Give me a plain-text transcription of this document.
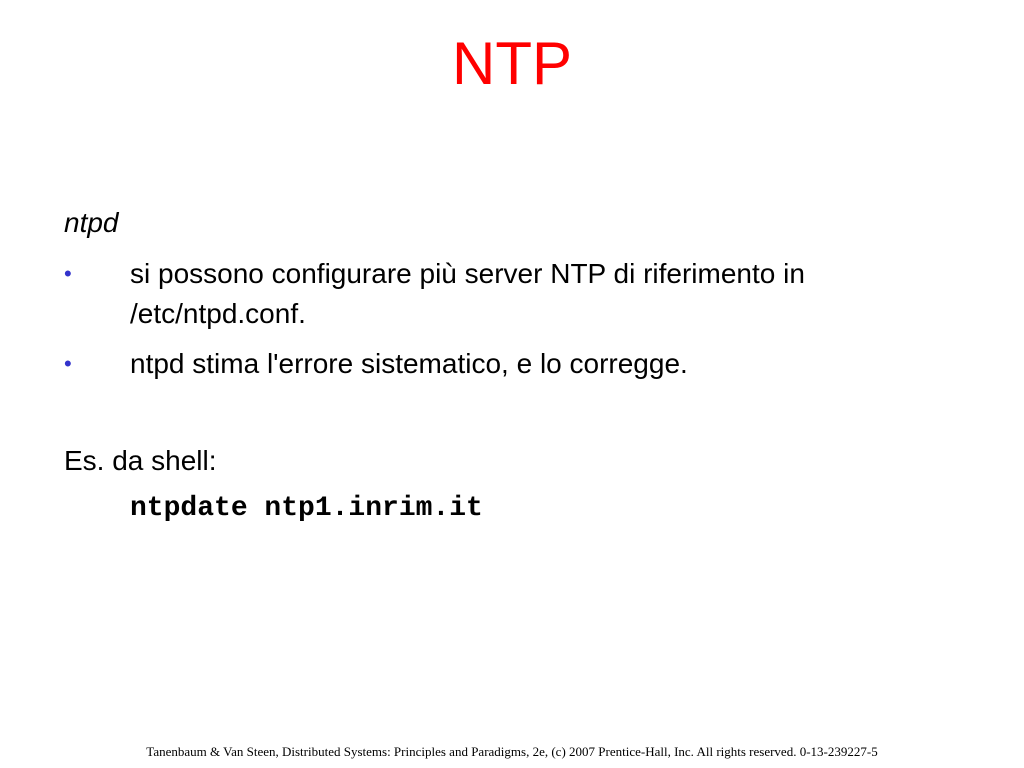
NTP
ntpd
• si possono configurare più server NTP di riferimento in /etc/ntpd.conf.
• ntpd stima l'errore sistematico, e lo corregge.
Es. da shell:
ntpdate ntp1.inrim.it
Tanenbaum & Van Steen, Distributed Systems: Principles and Paradigms, 2e, (c) 2007 Prentice-Hall, Inc. All rights reserved. 0-13-239227-5
